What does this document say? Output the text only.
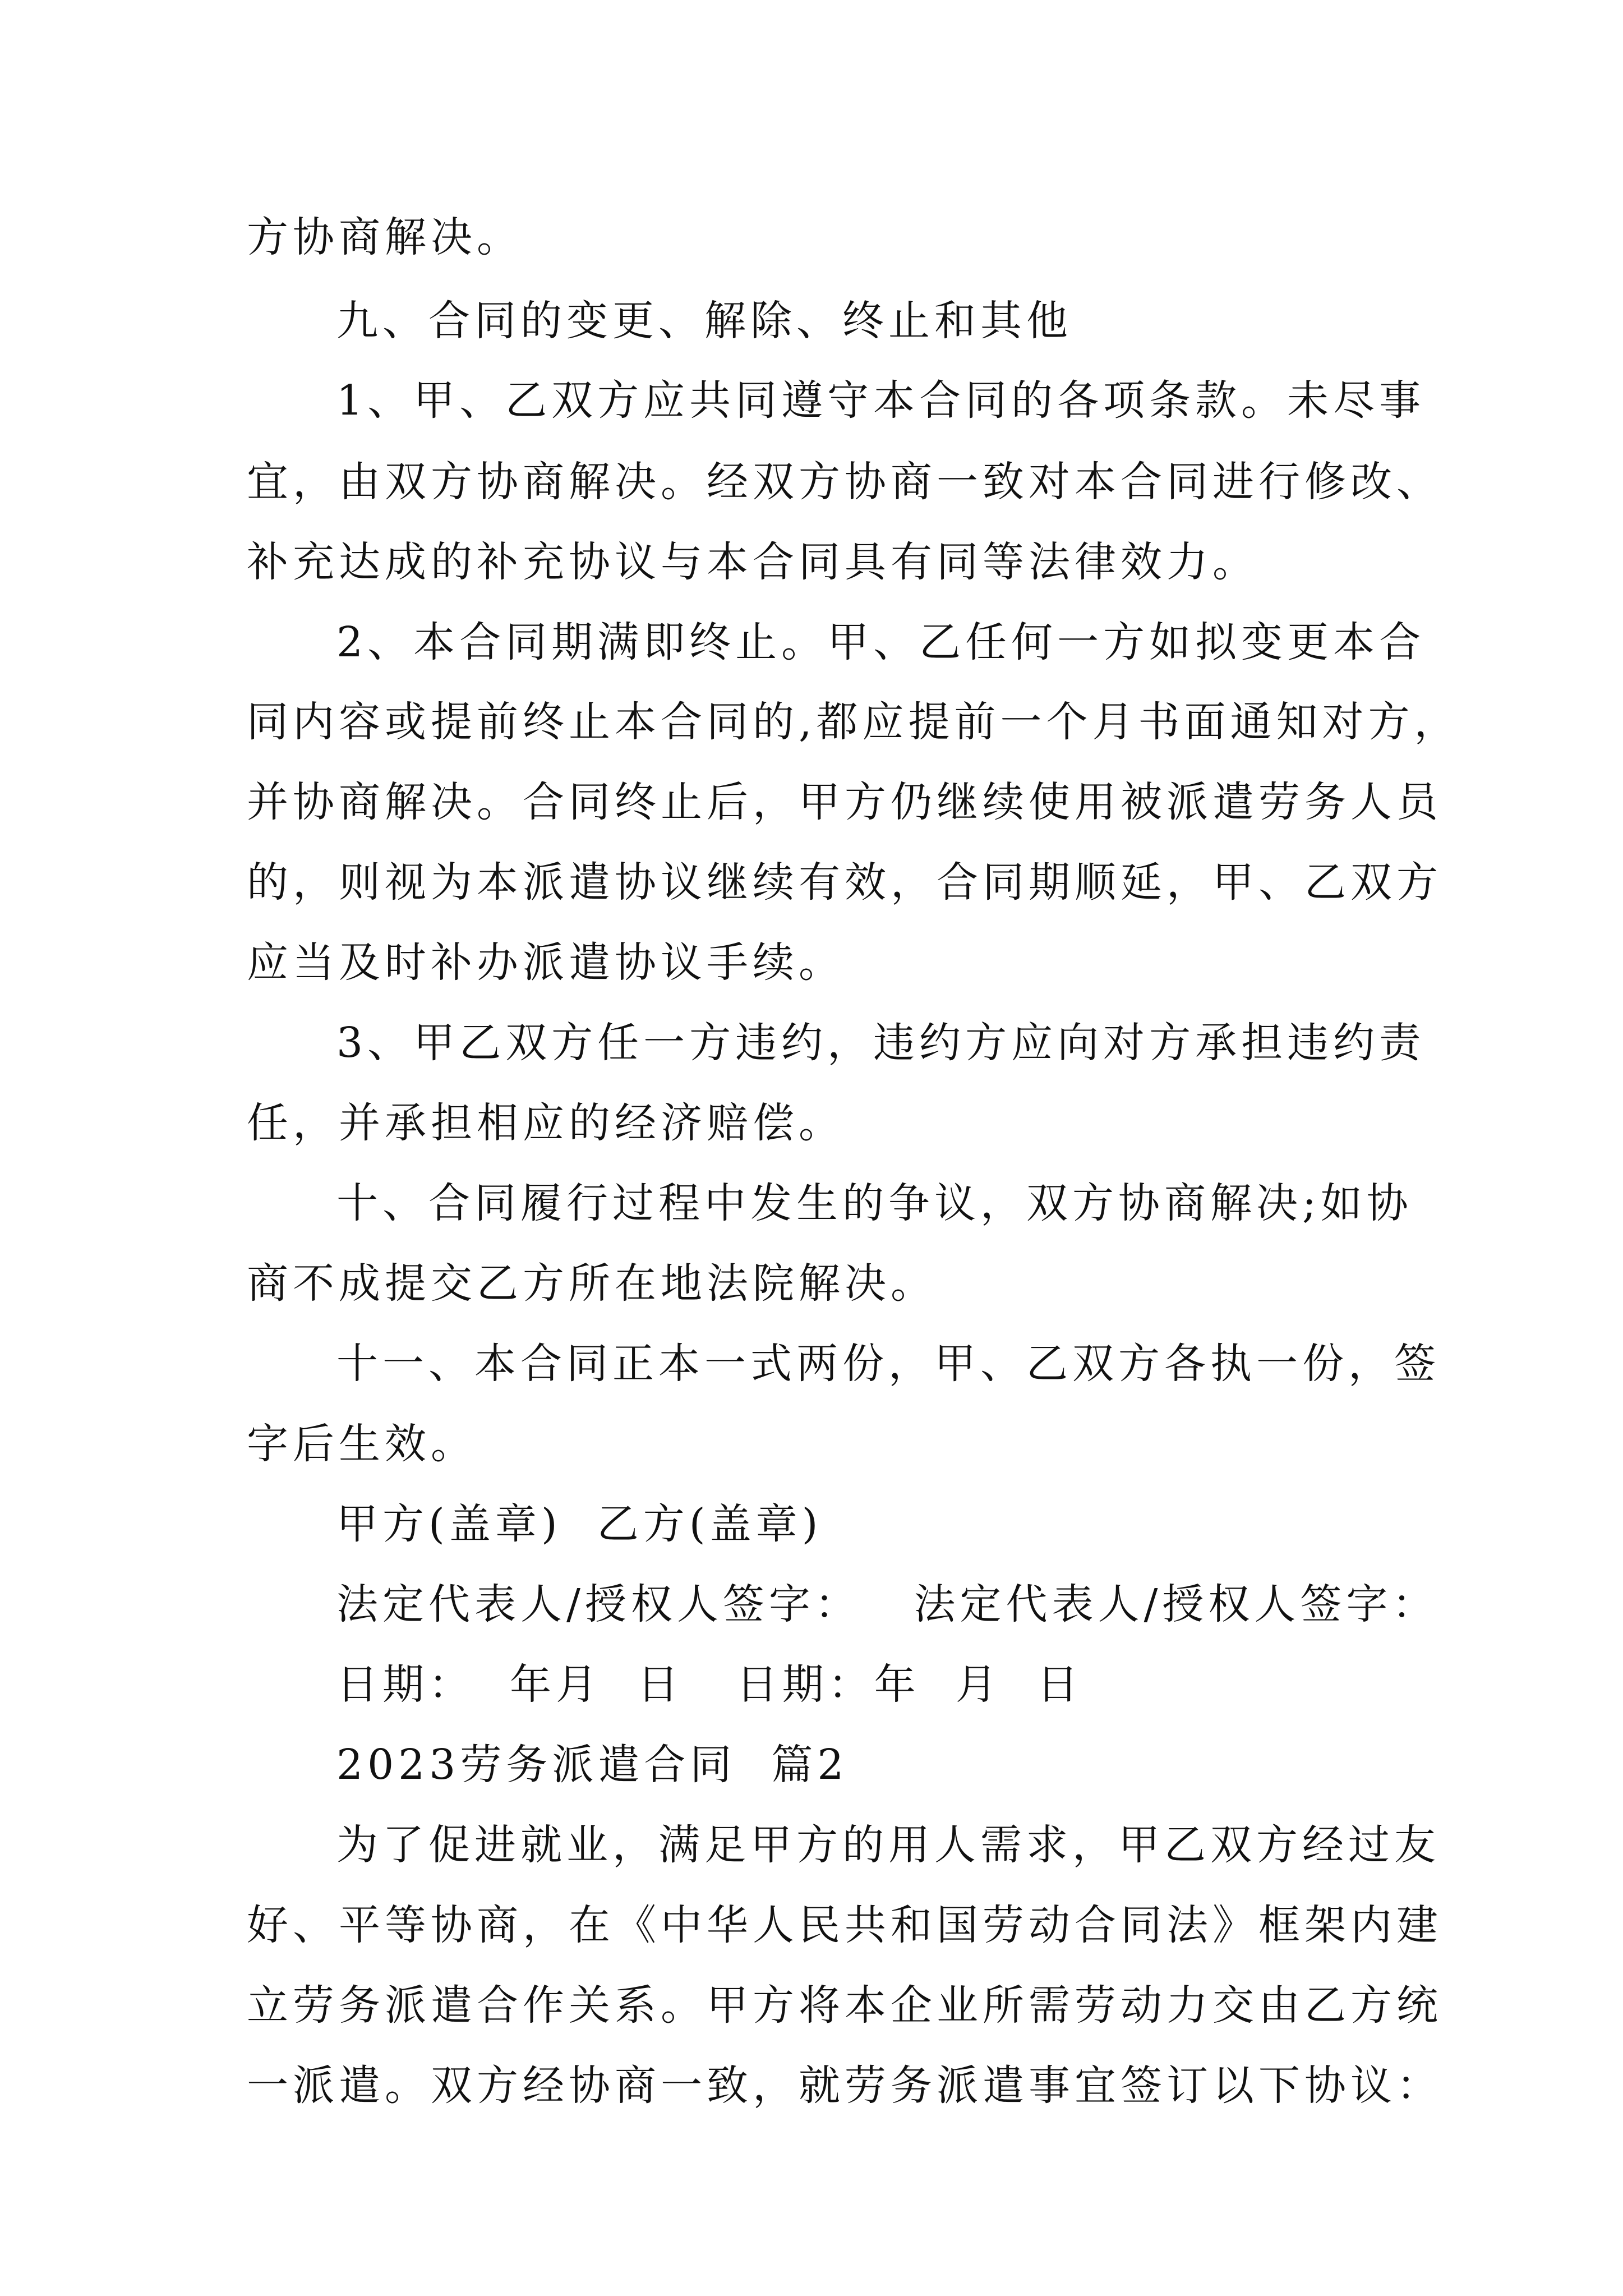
方协商解决。
九、合同的变更、解除、终止和其他
1、甲、乙双方应共同遵守本合同的各项条款。未尽事
宜，由双方协商解决。经双方协商一致对本合同进行修改、
补充达成的补充协议与本合同具有同等法律效力。
2、本合同期满即终止。甲、乙任何一方如拟变更本合
同内容或提前终止本合同的,都应提前一个月书面通知对方，
并协商解决。合同终止后，甲方仍继续使用被派遣劳务人员
的，则视为本派遣协议继续有效，合同期顺延，甲、乙双方
应当及时补办派遣协议手续。
3、甲乙双方任一方违约，违约方应向对方承担违约责
任，并承担相应的经济赔偿。
十、合同履行过程中发生的争议，双方协商解决;如协
商不成提交乙方所在地法院解决。
十一、本合同正本一式两份，甲、乙双方各执一份，签
字后生效。
甲方(盖章)  乙方(盖章)
法定代表人/授权人签字：   法定代表人/授权人签字：
日期：  年月  日   日期：年  月  日
2023劳务派遣合同  篇2
为了促进就业，满足甲方的用人需求，甲乙双方经过友
好、平等协商，在《中华人民共和国劳动合同法》框架内建
立劳务派遣合作关系。甲方将本企业所需劳动力交由乙方统
一派遣。双方经协商一致，就劳务派遣事宜签订以下协议：
